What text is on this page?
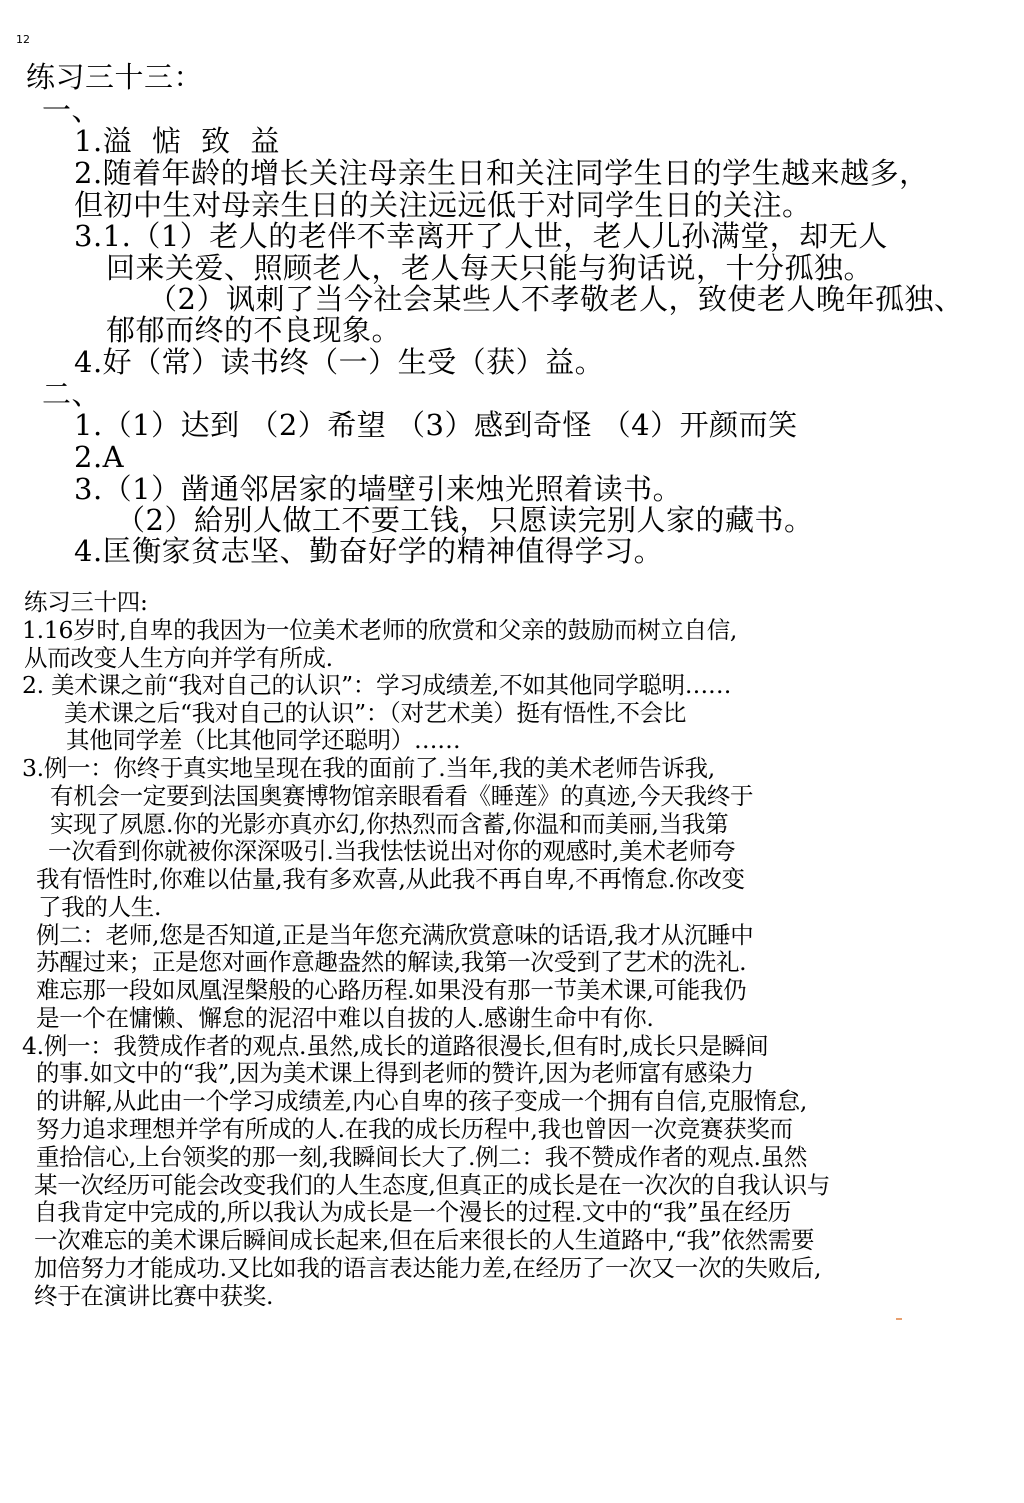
12
练习三十三：
一、
1.溢 惦 致 益
2.随着年龄的增长关注母亲生日和关注同学生日的学生越来越多，
但初中生对母亲生日的关注远远低于对同学生日的关注。
3.1.（1）老人的老伴不幸离开了人世，老人儿孙满堂，却无人
回来关爱、照顾老人，老人每天只能与狗话说，十分孤独。
（2）讽刺了当今社会某些人不孝敬老人，致使老人晚年孤独、
郁郁而终的不良现象。
4.好（常）读书终（一）生受（获）益。
二、
1.（1）达到 （2）希望 （3）感到奇怪 （4）开颜而笑
2.A
3.（1）凿通邻居家的墙壁引来烛光照着读书。
（2）給别人做工不要工钱，只愿读完别人家的藏书。
4.匡衡家贫志坚、勤奋好学的精神值得学习。
练习三十四:
1.16岁时,自卑的我因为一位美术老师的欣赏和父亲的鼓励而树立自信,
从而改变人生方向并学有所成.
2. 美术课之前“我对自己的认识”：学习成绩差,不如其他同学聪明……
美术课之后“我对自己的认识”：（对艺术美）挺有悟性,不会比
其他同学差（比其他同学还聪明）……
3.例一：你终于真实地呈现在我的面前了.当年,我的美术老师告诉我,
有机会一定要到法国奥赛博物馆亲眼看看《睡莲》的真迹,今天我终于
实现了夙愿.你的光影亦真亦幻,你热烈而含蓄,你温和而美丽,当我第
一次看到你就被你深深吸引.当我怯怯说出对你的观感时,美术老师夸
我有悟性时,你难以估量,我有多欢喜,从此我不再自卑,不再惰怠.你改变
了我的人生.
例二：老师,您是否知道,正是当年您充满欣赏意味的话语,我才从沉睡中
苏醒过来；正是您对画作意趣盎然的解读,我第一次受到了艺术的洗礼.
难忘那一段如凤凰涅槃般的心路历程.如果没有那一节美术课,可能我仍
是一个在慵懒、懈怠的泥沼中难以自拔的人.感谢生命中有你.
4.例一：我赞成作者的观点.虽然,成长的道路很漫长,但有时,成长只是瞬间
的事.如文中的“我”,因为美术课上得到老师的赞许,因为老师富有感染力
的讲解,从此由一个学习成绩差,内心自卑的孩子变成一个拥有自信,克服惰怠,
努力追求理想并学有所成的人.在我的成长历程中,我也曾因一次竞赛获奖而
重拾信心,上台领奖的那一刻,我瞬间长大了.例二：我不赞成作者的观点.虽然
某一次经历可能会改变我们的人生态度,但真正的成长是在一次次的自我认识与
自我肯定中完成的,所以我认为成长是一个漫长的过程.文中的“我”虽在经历
一次难忘的美术课后瞬间成长起来,但在后来很长的人生道路中,“我”依然需要
加倍努力才能成功.又比如我的语言表达能力差,在经历了一次又一次的失败后,
终于在演讲比赛中获奖.
